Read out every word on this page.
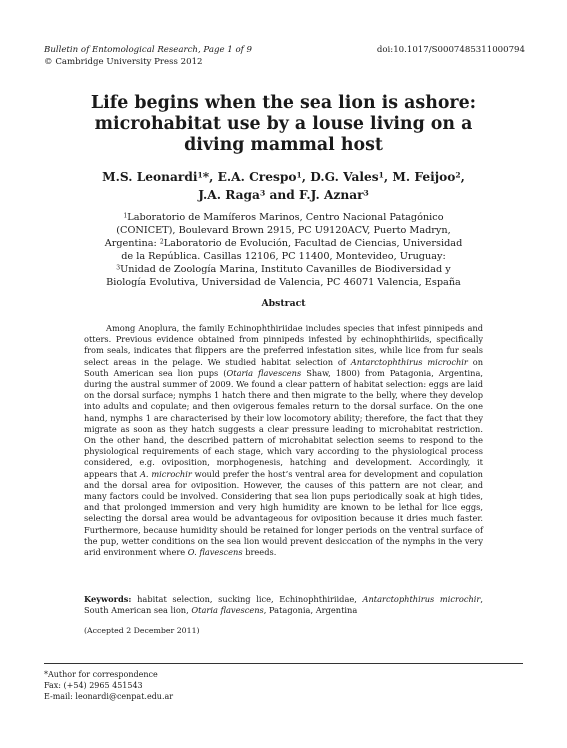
Bulletin of Entomological Research, Page 1 of 9
© Cambridge University Press 2012
doi:10.1017/S0007485311000794
Life begins when the sea lion is ashore:
microhabitat use by a louse living on a
diving mammal host
M.S. Leonardi$^1$*, E.A. Crespo$^1$, D.G. Vales$^1$, M. Feijoo$^2$,
J.A. Raga$^3$ and F.J. Aznar$^3$
$^1$Laboratorio de Mamíferos Marinos, Centro Nacional Patagónico (CONICET), Boulevard Brown 2915, PC U9120ACV, Puerto Madryn, Argentina: $^2$Laboratorio de Evolución, Facultad de Ciencias, Universidad de la República. Casillas 12106, PC 11400, Montevideo, Uruguay: $^3$Unidad de Zoología Marina, Instituto Cavanilles de Biodiversidad y Biología Evolutiva, Universidad de Valencia, PC 46071 Valencia, España
Abstract
Among Anoplura, the family Echinophthiriidae includes species that infest pinnipeds and otters. Previous evidence obtained from pinnipeds infested by echinophthiriids, specifically from seals, indicates that flippers are the preferred infestation sites, while lice from fur seals select areas in the pelage. We studied habitat selection of Antarctophthirus microchir on South American sea lion pups (Otaria flavescens Shaw, 1800) from Patagonia, Argentina, during the austral summer of 2009. We found a clear pattern of habitat selection: eggs are laid on the dorsal surface; nymphs 1 hatch there and then migrate to the belly, where they develop into adults and copulate; and then ovigerous females return to the dorsal surface. On the one hand, nymphs 1 are characterised by their low locomotory ability; therefore, the fact that they migrate as soon as they hatch suggests a clear pressure leading to microhabitat restriction. On the other hand, the described pattern of microhabitat selection seems to respond to the physiological requirements of each stage, which vary according to the physiological process considered, e.g. oviposition, morphogenesis, hatching and development. Accordingly, it appears that A. microchir would prefer the host’s ventral area for development and copulation and the dorsal area for oviposition. However, the causes of this pattern are not clear, and many factors could be involved. Considering that sea lion pups periodically soak at high tides, and that prolonged immersion and very high humidity are known to be lethal for lice eggs, selecting the dorsal area would be advantageous for oviposition because it dries much faster. Furthermore, because humidity should be retained for longer periods on the ventral surface of the pup, wetter conditions on the sea lion would prevent desiccation of the nymphs in the very arid environment where O. flavescens breeds.
Keywords: habitat selection, sucking lice, Echinophthiriidae, Antarctophthirus microchir, South American sea lion, Otaria flavescens, Patagonia, Argentina
(Accepted 2 December 2011)
*Author for correspondence
Fax: (+54) 2965 451543
E-mail: leonardi@cenpat.edu.ar
